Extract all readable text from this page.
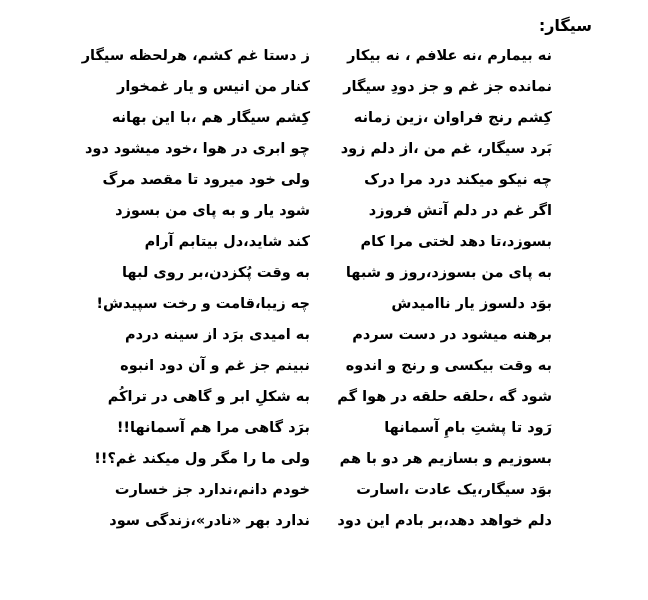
سیگار:
نه بیمارم ،نه علافم ، نه بیکار
ز دستا غم کشم، هرلحظه سیگار
نمانده جز غم و جز دودِ سیگار
کنار من انیس و یار غمخوار
کِشم رنج فراوان ،زین زمانه
کِشم سیگار هم ،با این بهانه
بَرد سیگار، غم من ،از دلم زود
چو ابری در هوا ،خود میشود دود
چه نیکو میکند درد مرا درک
ولی خود میرود تا مقصد مرگ
اگر غم در دلم آتش فروزد
شود یار و به پای من بسوزد
بسوزد،تا دهد لختی مرا کام
کند شاید،دل بیتابم آرام
به پای من بسوزد،روز و شبها
به وقت پُکزدن،بر روی لبها
بوَد دلسوز یار ناامیدش
چه زیبا،قامت و رخت سپیدش!
برهنه میشود در دست سردم
به امیدی برَد از سینه دردم
به وقت بیکسی و رنج و اندوه
نبینم جز غم و آن دود انبوه
شود گه ،حلقه حلقه در هوا گم
به شکلِ ابر و گاهی در تراکُم
رَود تا پشتِ بامِ آسمانها
برَد گاهی مرا هم آسمانها!!
بسوزیم و بسازیم هر دو با هم
ولی ما را مگر ول میکند غم؟!!
بوَد سیگار،یک عادت ،اسارت
خودم دانم،ندارد جز خسارت
دلم خواهد دهد،بر بادم این دود
ندارد بهر «نادر»،زندگی سود
